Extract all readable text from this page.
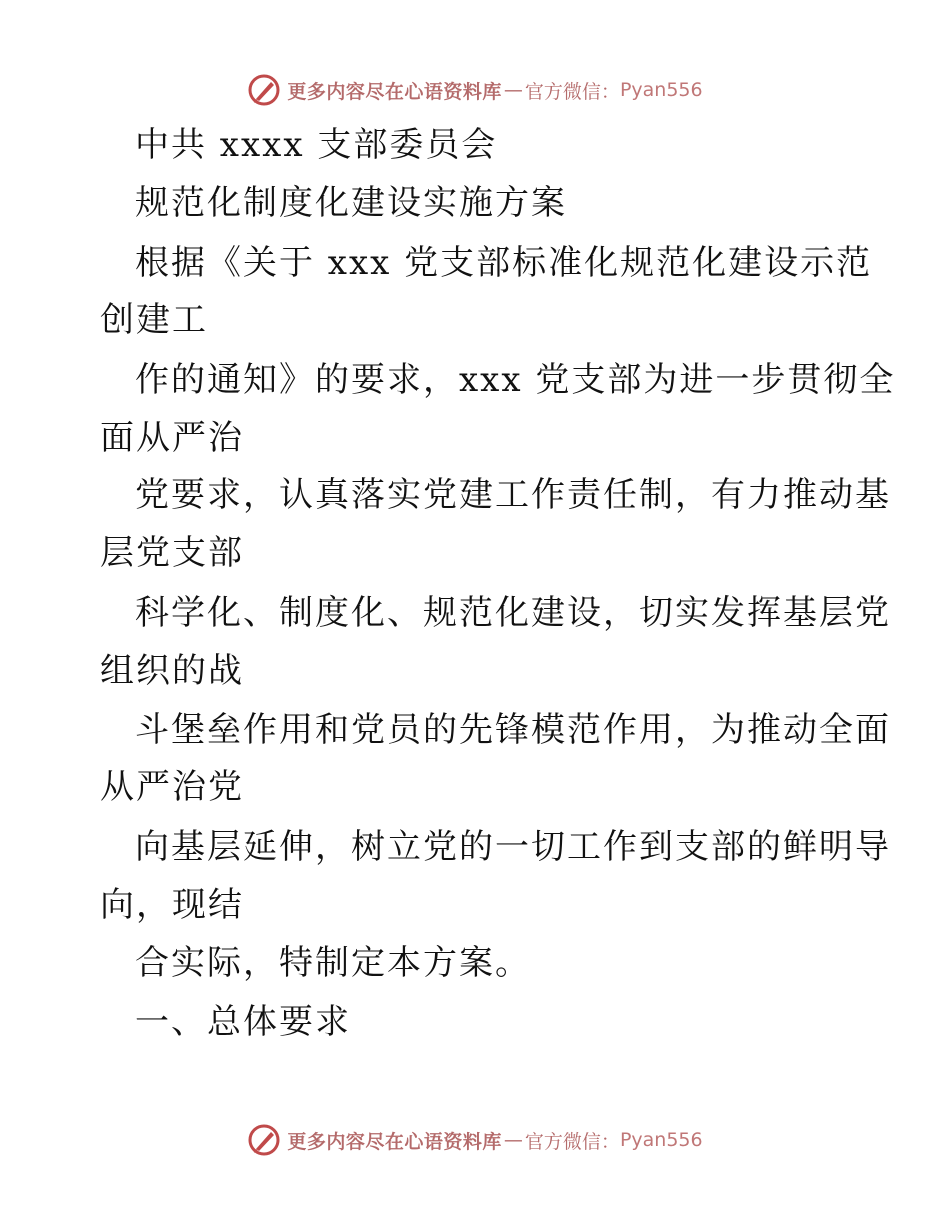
更多内容尽在心语资料库 — 官方微信： Pyan556
中共 xxxx 支部委员会
规范化制度化建设实施方案
根据《关于 xxx 党支部标准化规范化建设示范
创建工
作的通知》的要求，xxx 党支部为进一步贯彻全
面从严治
党要求，认真落实党建工作责任制，有力推动基
层党支部
科学化、制度化、规范化建设，切实发挥基层党
组织的战
斗堡垒作用和党员的先锋模范作用，为推动全面
从严治党
向基层延伸，树立党的一切工作到支部的鲜明导
向，现结
合实际，特制定本方案。
一、总体要求
更多内容尽在心语资料库 — 官方微信： Pyan556
